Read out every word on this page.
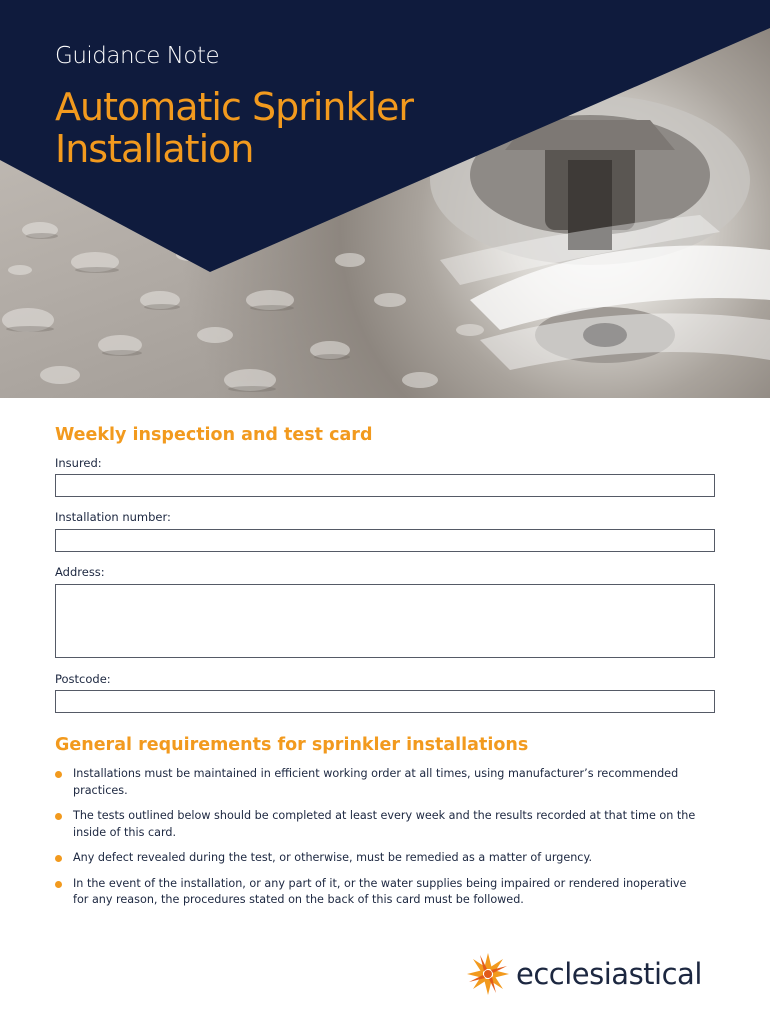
Guidance Note
Automatic Sprinkler Installation
Weekly inspection and test card
Insured:
Installation number:
Address:
Postcode:
General requirements for sprinkler installations
Installations must be maintained in efficient working order at all times, using manufacturer’s recommended practices.
The tests outlined below should be completed at least every week and the results recorded at that time on the inside of this card.
Any defect revealed during the test, or otherwise, must be remedied as a matter of urgency.
In the event of the installation, or any part of it, or the water supplies being impaired or rendered inoperative for any reason, the procedures stated on the back of this card must be followed.
ecclesiastical
